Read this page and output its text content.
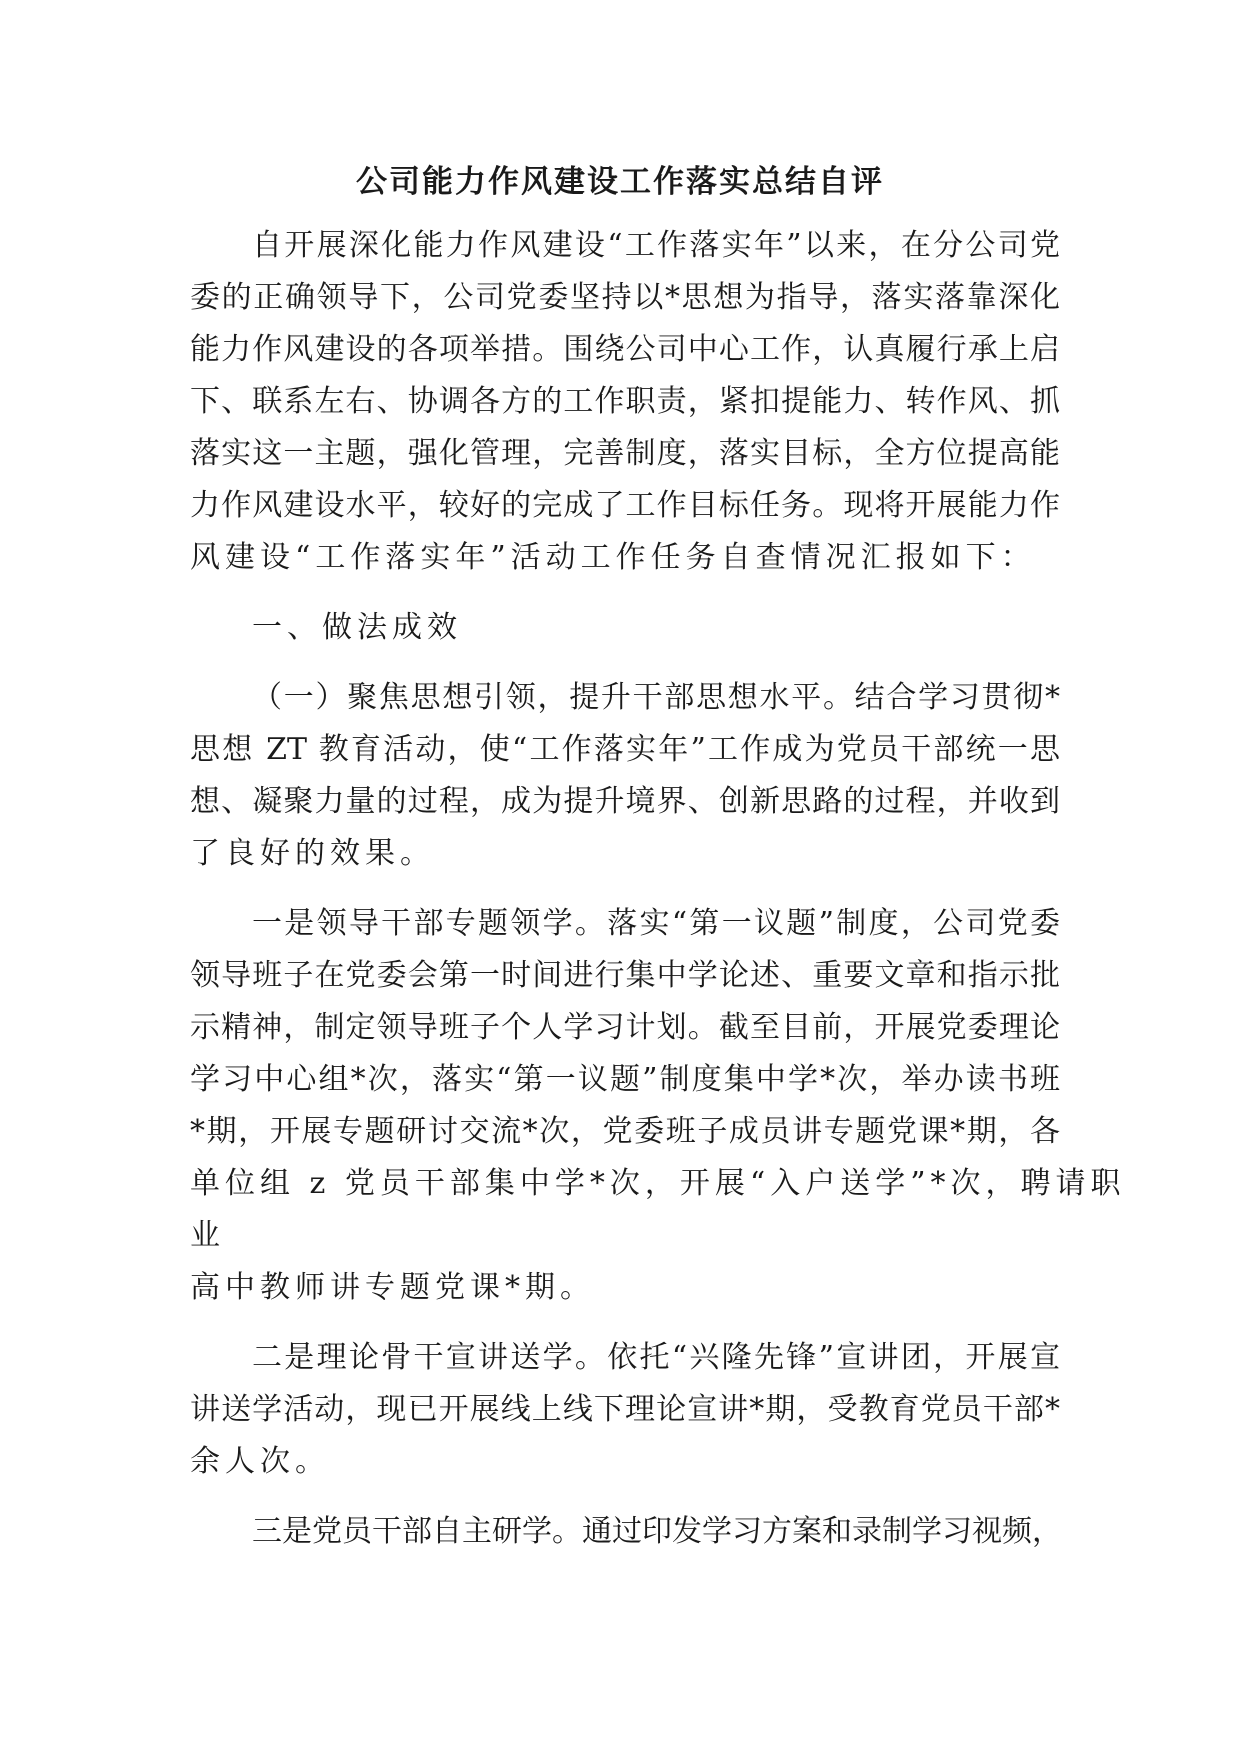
公司能力作风建设工作落实总结自评
自开展深化能力作风建设“工作落实年”以来，在分公司党
委的正确领导下，公司党委坚持以*思想为指导，落实落靠深化
能力作风建设的各项举措。围绕公司中心工作，认真履行承上启
下、联系左右、协调各方的工作职责，紧扣提能力、转作风、抓
落实这一主题，强化管理，完善制度，落实目标，全方位提高能
力作风建设水平，较好的完成了工作目标任务。现将开展能力作
风建设“工作落实年”活动工作任务自查情况汇报如下：
一、做法成效
（一）聚焦思想引领，提升干部思想水平。结合学习贯彻*
思想 ZT 教育活动，使“工作落实年”工作成为党员干部统一思
想、凝聚力量的过程，成为提升境界、创新思路的过程，并收到
了良好的效果。
一是领导干部专题领学。落实“第一议题”制度，公司党委
领导班子在党委会第一时间进行集中学论述、重要文章和指示批
示精神，制定领导班子个人学习计划。截至目前，开展党委理论
学习中心组*次，落实“第一议题”制度集中学*次，举办读书班
*期，开展专题研讨交流*次，党委班子成员讲专题党课*期，各
单位组 z 党员干部集中学*次，开展“入户送学”*次，聘请职
业
高中教师讲专题党课*期。
二是理论骨干宣讲送学。依托“兴隆先锋”宣讲团，开展宣
讲送学活动，现已开展线上线下理论宣讲*期，受教育党员干部*
余人次。
三是党员干部自主研学。通过印发学习方案和录制学习视频，
